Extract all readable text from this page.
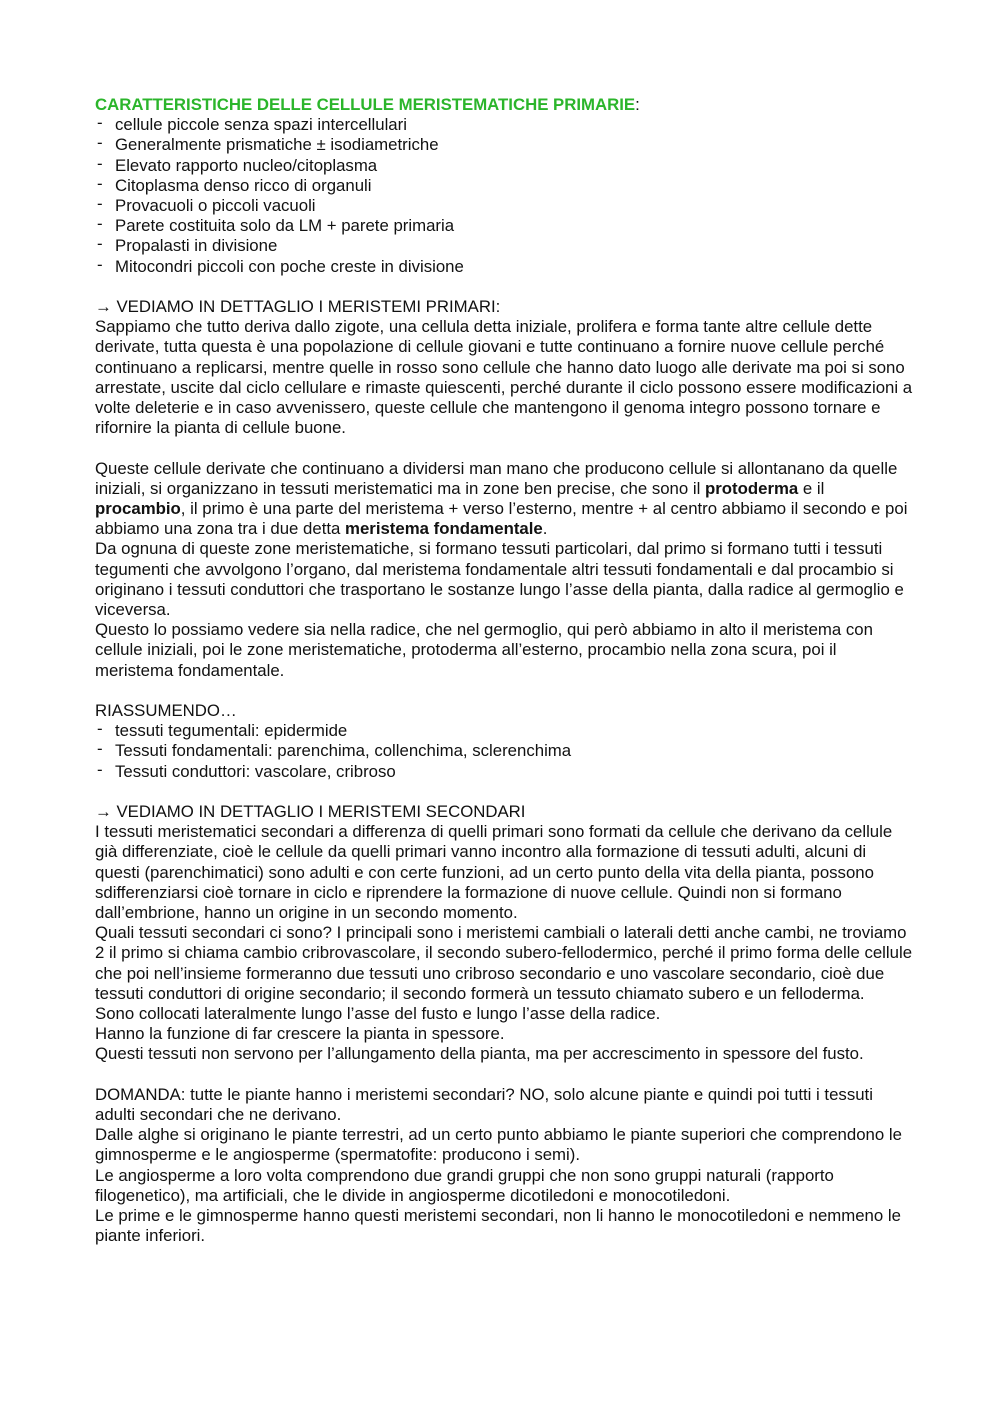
CARATTERISTICHE DELLE CELLULE MERISTEMATICHE PRIMARIE:

- cellule piccole senza spazi intercellulari
- Generalmente prismatiche ± isodiametriche
- Elevato rapporto nucleo/citoplasma
- Citoplasma denso ricco di organuli
- Provacuoli o piccoli vacuoli
- Parete costituita solo da LM + parete primaria
- Propalasti in divisione
- Mitocondri piccoli con poche creste in divisione

→ VEDIAMO IN DETTAGLIO I MERISTEMI PRIMARI:

Sappiamo che tutto deriva dallo zigote, una cellula detta iniziale, prolifera e forma tante altre cellule dette derivate, tutta questa è una popolazione di cellule giovani e tutte continuano a fornire nuove cellule perché continuano a replicarsi, mentre quelle in rosso sono cellule che hanno dato luogo alle derivate ma poi si sono arrestate, uscite dal ciclo cellulare e rimaste quiescenti, perché durante il ciclo possono essere modificazioni a volte deleterie e in caso avvenissero, queste cellule che mantengono il genoma integro possono tornare e rifornire la pianta di cellule buone.

Queste cellule derivate che continuano a dividersi man mano che producono cellule si allontanano da quelle iniziali, si organizzano in tessuti meristematici ma in zone ben precise, che sono il protoderma e il procambio, il primo è una parte del meristema + verso l’esterno, mentre + al centro abbiamo il secondo e poi abbiamo una zona tra i due detta meristema fondamentale.

Da ognuna di queste zone meristematiche, si formano tessuti particolari, dal primo si formano tutti i tessuti tegumenti che avvolgono l’organo, dal meristema fondamentale altri tessuti fondamentali e dal procambio si originano i tessuti conduttori che trasportano le sostanze lungo l’asse della pianta, dalla radice al germoglio e viceversa.

Questo lo possiamo vedere sia nella radice, che nel germoglio, qui però abbiamo in alto il meristema con cellule iniziali, poi le zone meristematiche, protoderma all’esterno, procambio nella zona scura, poi il meristema fondamentale.

RIASSUMENDO…

- tessuti tegumentali: epidermide
- Tessuti fondamentali: parenchima, collenchima, sclerenchima
- Tessuti conduttori: vascolare, cribroso

→ VEDIAMO IN DETTAGLIO I MERISTEMI SECONDARI

I tessuti meristematici secondari a differenza di quelli primari sono formati da cellule che derivano da cellule già differenziate, cioè le cellule da quelli primari vanno incontro alla formazione di tessuti adulti, alcuni di questi (parenchimatici) sono adulti e con certe funzioni, ad un certo punto della vita della pianta, possono sdifferenziarsi cioè tornare in ciclo e riprendere la formazione di nuove cellule. Quindi non si formano dall’embrione, hanno un origine in un secondo momento.

Quali tessuti secondari ci sono? I principali sono i meristemi cambiali o laterali detti anche cambi, ne troviamo 2 il primo si chiama cambio cribrovascolare, il secondo subero-fellodermico, perché il primo forma delle cellule che poi nell’insieme formeranno due tessuti uno cribroso secondario e uno vascolare secondario, cioè due tessuti conduttori di origine secondario; il secondo formerà un tessuto chiamato subero e un felloderma.

Sono collocati lateralmente lungo l’asse del fusto e lungo l’asse della radice.

Hanno la funzione di far crescere la pianta in spessore.

Questi tessuti non servono per l’allungamento della pianta, ma per accrescimento in spessore del fusto.

DOMANDA: tutte le piante hanno i meristemi secondari? NO, solo alcune piante e quindi poi tutti i tessuti adulti secondari che ne derivano.

Dalle alghe si originano le piante terrestri, ad un certo punto abbiamo le piante superiori che comprendono le gimnosperme e le angiosperme (spermatofite: producono i semi).

Le angiosperme a loro volta comprendono due grandi gruppi che non sono gruppi naturali (rapporto filogenetico), ma artificiali, che le divide in angiosperme dicotiledoni e monocotiledoni.

Le prime e le gimnosperme hanno questi meristemi secondari, non li hanno le monocotiledoni e nemmeno le piante inferiori.
